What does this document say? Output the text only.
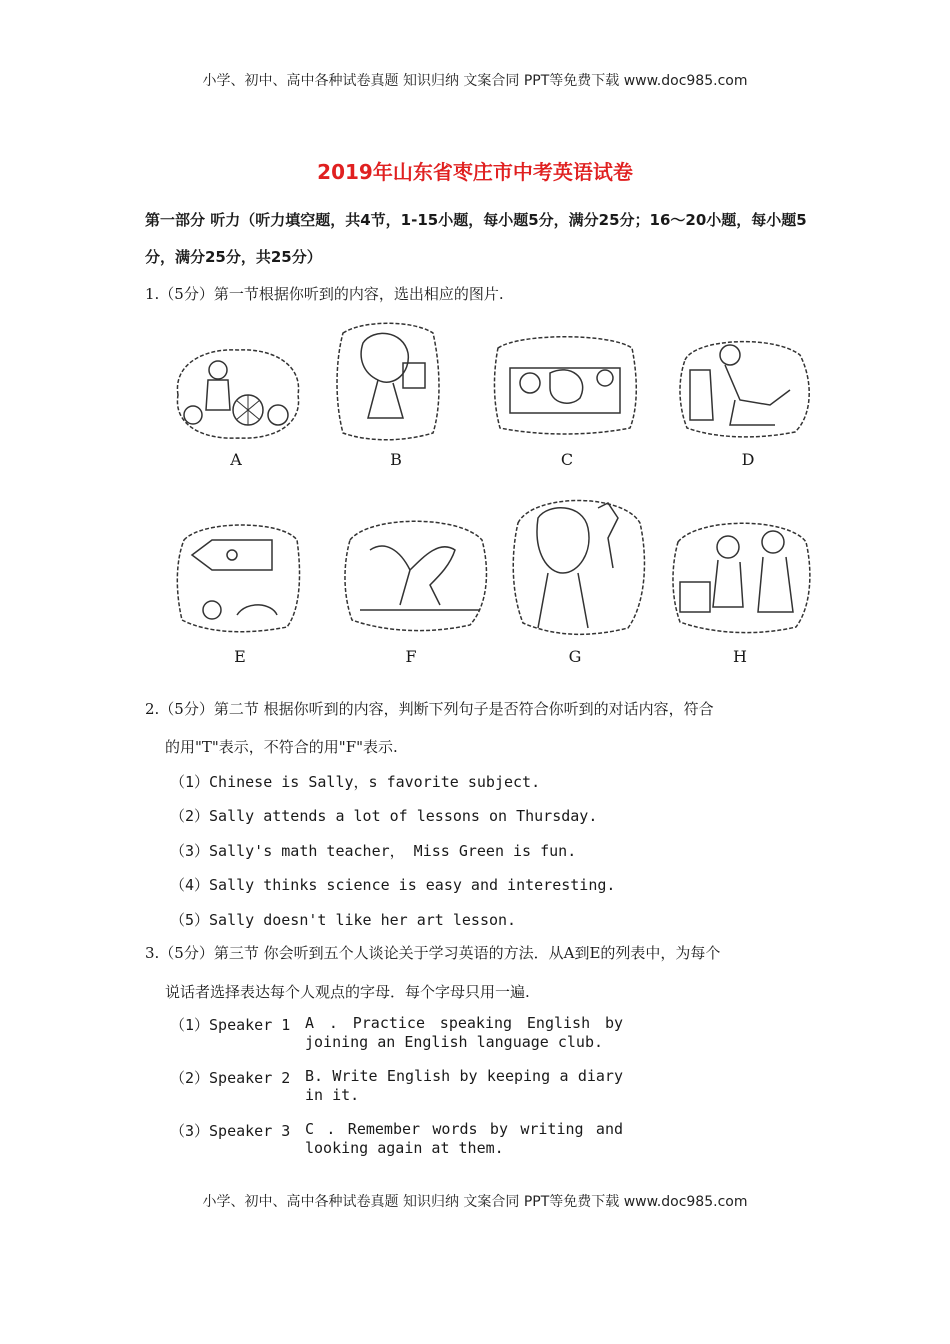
小学、初中、高中各种试卷真题 知识归纳 文案合同 PPT等免费下载 www.doc985.com
2019年山东省枣庄市中考英语试卷
第一部分 听力（听力填空题，共4节，1-15小题，每小题5分，满分25分；16～20小题，每小题5分，满分25分，共25分）
1.（5分）第一节根据你听到的内容，选出相应的图片.
A	B	C	D
E	F	G	H
2.（5分）第二节 根据你听到的内容，判断下列句子是否符合你听到的对话内容，符合
的用"T"表示，不符合的用"F"表示.
（1）Chinese is Sally，s favorite subject.
（2）Sally attends a lot of lessons on Thursday.
（3）Sally's math teacher， Miss Green is fun.
（4）Sally thinks science is easy and interesting.
（5）Sally doesn't like her art lesson.
3.（5分）第三节 你会听到五个人谈论关于学习英语的方法．从A到E的列表中，为每个
说话者选择表达每个人观点的字母．每个字母只用一遍.
（1）Speaker 1 A . Practice speaking English by joining an English language club.
（2）Speaker 2 B. Write English by keeping a diary in it.
（3）Speaker 3 C . Remember words by writing and looking again at them.
小学、初中、高中各种试卷真题 知识归纳 文案合同 PPT等免费下载 www.doc985.com
